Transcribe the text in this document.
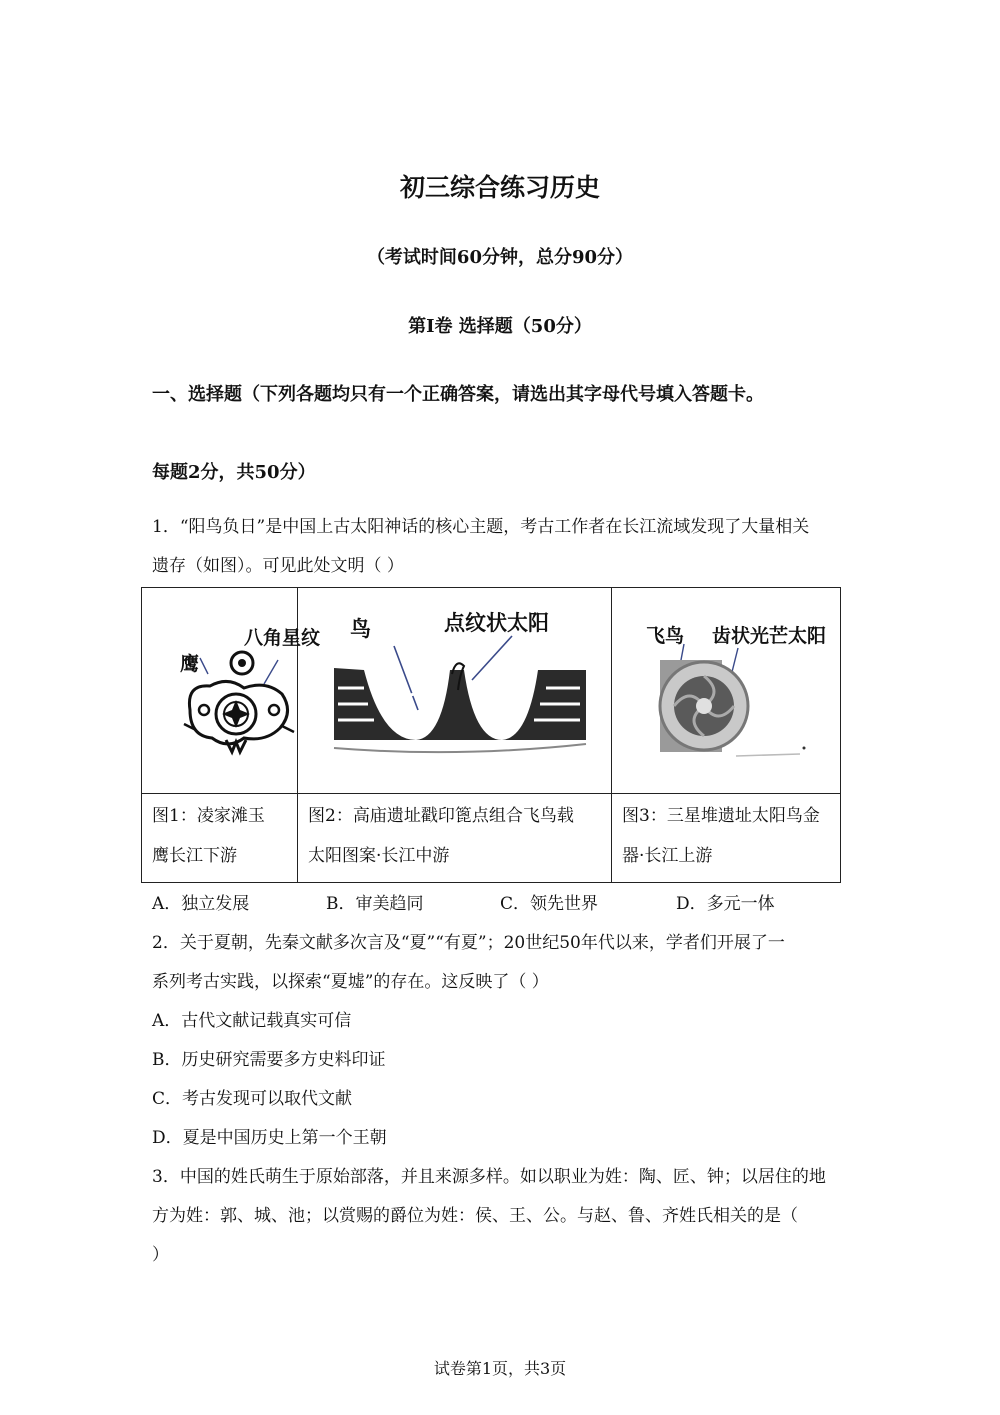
初三综合练习历史
（考试时间60分钟，总分90分）
第Ⅰ卷 选择题（50分）
一、选择题（下列各题均只有一个正确答案，请选出其字母代号填入答题卡。
每题2分，共50分）
1．“阳鸟负日”是中国上古太阳神话的核心主题，考古工作者在长江流域发现了大量相关
遗存（如图）。可见此处文明（ ）
八角星纹
鹰
鸟	点纹状太阳
飞鸟 齿状光芒太阳
图1：凌家滩玉
鹰长江下游
图2：高庙遗址戳印篦点组合飞鸟载
太阳图案·长江中游
图3：三星堆遗址太阳鸟金
器·长江上游
A．独立发展	B．审美趋同	C．领先世界	D．多元一体
2．关于夏朝，先秦文献多次言及“夏”“有夏”；20世纪50年代以来，学者们开展了一
系列考古实践，以探索“夏墟”的存在。这反映了（ ）
A．古代文献记载真实可信
B．历史研究需要多方史料印证
C．考古发现可以取代文献
D．夏是中国历史上第一个王朝
3．中国的姓氏萌生于原始部落，并且来源多样。如以职业为姓：陶、匠、钟；以居住的地
方为姓：郭、城、池；以赏赐的爵位为姓：侯、王、公。与赵、鲁、齐姓氏相关的是（
）
试卷第1页，共3页
